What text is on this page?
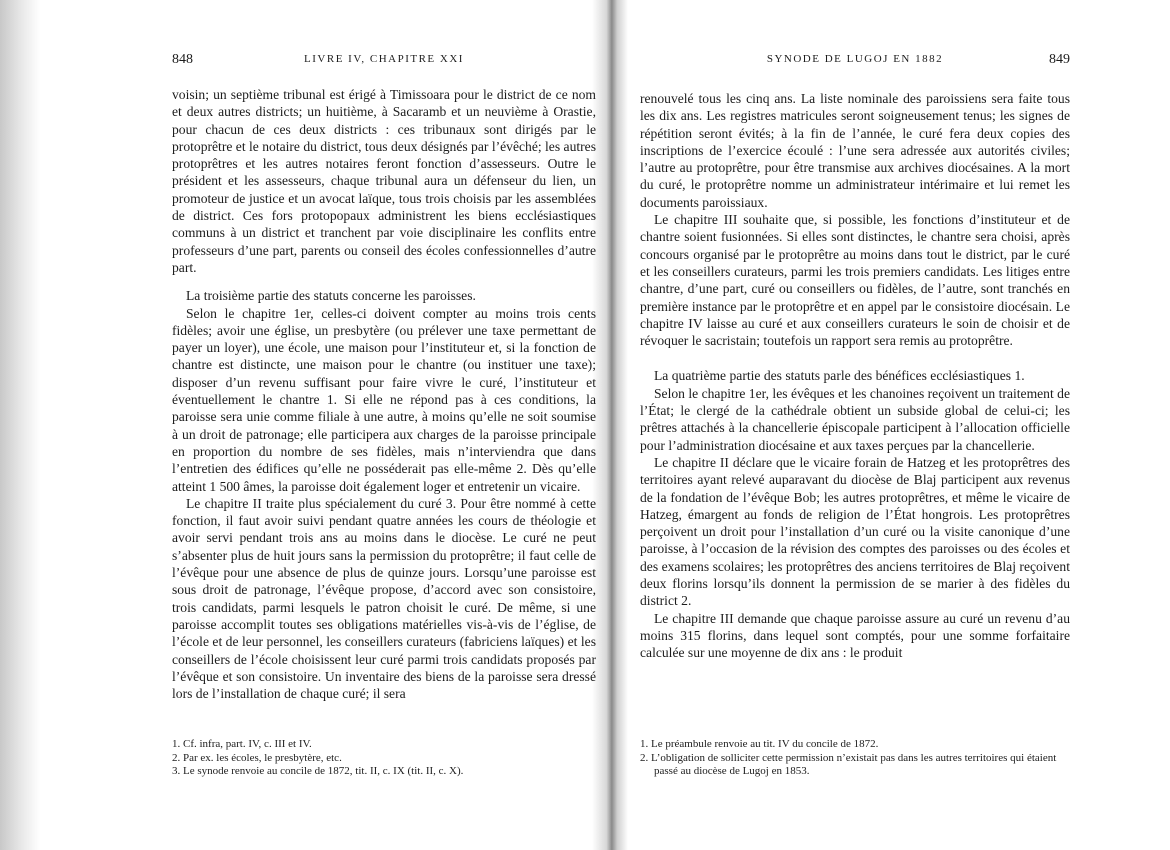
848	LIVRE IV, CHAPITRE XXI

voisin; un septième tribunal est érigé à Timissoara pour le district de ce nom et deux autres districts; un huitième, à Sacaramb et un neuvième à Orastie, pour chacun de ces deux districts : ces tribunaux sont dirigés par le protoprêtre et le notaire du district, tous deux désignés par l’évêché; les autres protoprêtres et les autres notaires feront fonction d’assesseurs. Outre le président et les assesseurs, chaque tribunal aura un défenseur du lien, un promoteur de justice et un avocat laïque, tous trois choisis par les assemblées de district. Ces fors protopopaux administrent les biens ecclésiastiques communs à un district et tranchent par voie disciplinaire les conflits entre professeurs d’une part, parents ou conseil des écoles confessionnelles d’autre part.

La troisième partie des statuts concerne les paroisses.

Selon le chapitre 1er, celles-ci doivent compter au moins trois cents fidèles; avoir une église, un presbytère (ou prélever une taxe permettant de payer un loyer), une école, une maison pour l’instituteur et, si la fonction de chantre est distincte, une maison pour le chantre (ou instituer une taxe); disposer d’un revenu suffisant pour faire vivre le curé, l’instituteur et éventuellement le chantre 1. Si elle ne répond pas à ces conditions, la paroisse sera unie comme filiale à une autre, à moins qu’elle ne soit soumise à un droit de patronage; elle participera aux charges de la paroisse principale en proportion du nombre de ses fidèles, mais n’interviendra que dans l’entretien des édifices qu’elle ne posséderait pas elle-même 2. Dès qu’elle atteint 1 500 âmes, la paroisse doit également loger et entretenir un vicaire.

Le chapitre II traite plus spécialement du curé 3. Pour être nommé à cette fonction, il faut avoir suivi pendant quatre années les cours de théologie et avoir servi pendant trois ans au moins dans le diocèse. Le curé ne peut s’absenter plus de huit jours sans la permission du protoprêtre; il faut celle de l’évêque pour une absence de plus de quinze jours. Lorsqu’une paroisse est sous droit de patronage, l’évêque propose, d’accord avec son consistoire, trois candidats, parmi lesquels le patron choisit le curé. De même, si une paroisse accomplit toutes ses obligations matérielles vis-à-vis de l’église, de l’école et de leur personnel, les conseillers curateurs (fabriciens laïques) et les conseillers de l’école choisissent leur curé parmi trois candidats proposés par l’évêque et son consistoire. Un inventaire des biens de la paroisse sera dressé lors de l’installation de chaque curé; il sera

1. Cf. infra, part. IV, c. III et IV.
2. Par ex. les écoles, le presbytère, etc.
3. Le synode renvoie au concile de 1872, tit. II, c. IX (tit. II, c. X).
SYNODE DE LUGOJ EN 1882	849

renouvelé tous les cinq ans. La liste nominale des paroissiens sera faite tous les dix ans. Les registres matricules seront soigneusement tenus; les signes de répétition seront évités; à la fin de l’année, le curé fera deux copies des inscriptions de l’exercice écoulé : l’une sera adressée aux autorités civiles; l’autre au protoprêtre, pour être transmise aux archives diocésaines. A la mort du curé, le protoprêtre nomme un administrateur intérimaire et lui remet les documents paroissiaux.

Le chapitre III souhaite que, si possible, les fonctions d’instituteur et de chantre soient fusionnées. Si elles sont distinctes, le chantre sera choisi, après concours organisé par le protoprêtre au moins dans tout le district, par le curé et les conseillers curateurs, parmi les trois premiers candidats. Les litiges entre chantre, d’une part, curé ou conseillers ou fidèles, de l’autre, sont tranchés en première instance par le protoprêtre et en appel par le consistoire diocésain. Le chapitre IV laisse au curé et aux conseillers curateurs le soin de choisir et de révoquer le sacristain; toutefois un rapport sera remis au protoprêtre.

La quatrième partie des statuts parle des bénéfices ecclésiastiques 1.

Selon le chapitre 1er, les évêques et les chanoines reçoivent un traitement de l’État; le clergé de la cathédrale obtient un subside global de celui-ci; les prêtres attachés à la chancellerie épiscopale participent à l’allocation officielle pour l’administration diocésaine et aux taxes perçues par la chancellerie.

Le chapitre II déclare que le vicaire forain de Hatzeg et les protoprêtres des territoires ayant relevé auparavant du diocèse de Blaj participent aux revenus de la fondation de l’évêque Bob; les autres protoprêtres, et même le vicaire de Hatzeg, émargent au fonds de religion de l’État hongrois. Les protoprêtres perçoivent un droit pour l’installation d’un curé ou la visite canonique d’une paroisse, à l’occasion de la révision des comptes des paroisses ou des écoles et des examens scolaires; les protoprêtres des anciens territoires de Blaj reçoivent deux florins lorsqu’ils donnent la permission de se marier à des fidèles du district 2.

Le chapitre III demande que chaque paroisse assure au curé un revenu d’au moins 315 florins, dans lequel sont comptés, pour une somme forfaitaire calculée sur une moyenne de dix ans : le produit

1. Le préambule renvoie au tit. IV du concile de 1872.
2. L’obligation de solliciter cette permission n’existait pas dans les autres territoires qui étaient passé au diocèse de Lugoj en 1853.
